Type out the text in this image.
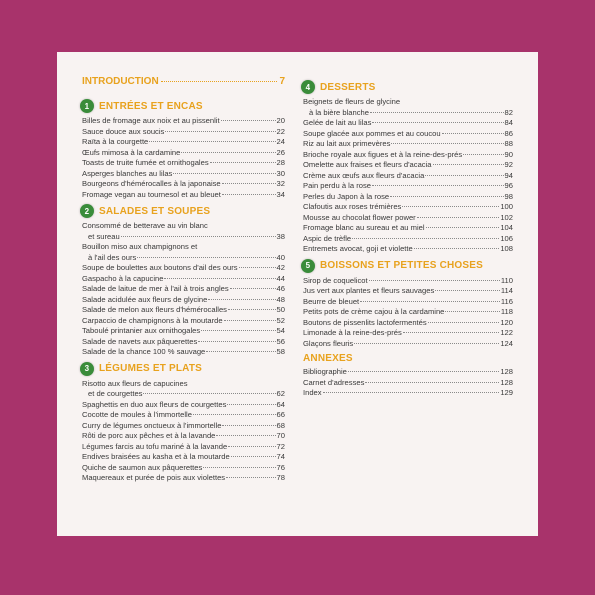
INTRODUCTION	7
1 ENTRÉES ET ENCAS
Billes de fromage aux noix et au pissenlit	20
Sauce douce aux soucis	22
Raïta à la courgette	24
Œufs mimosa à la cardamine	26
Toasts de truite fumée et ornithogales	28
Asperges blanches au lilas	30
Bourgeons d'hémérocalles à la japonaise	32
Fromage vegan au tournesol et au bleuet	34
2 SALADES ET SOUPES
Consommé de betterave au vin blanc
et sureau	38
Bouillon miso aux champignons et
à l'ail des ours	40
Soupe de boulettes aux boutons d'ail des ours	42
Gaspacho à la capucine	44
Salade de laitue de mer à l'ail à trois angles	46
Salade acidulée aux fleurs de glycine	48
Salade de melon aux fleurs d'hémérocalles	50
Carpaccio de champignons à la moutarde	52
Taboulé printanier aux ornithogales	54
Salade de navets aux pâquerettes	56
Salade de la chance 100 % sauvage	58
3 LÉGUMES ET PLATS
Risotto aux fleurs de capucines
et de courgettes	62
Spaghettis en duo aux fleurs de courgettes	64
Cocotte de moules à l'immortelle	66
Curry de légumes onctueux à l'immortelle	68
Rôti de porc aux pêches et à la lavande	70
Légumes farcis au tofu mariné à la lavande	72
Endives braisées au kasha et à la moutarde	74
Quiche de saumon aux pâquerettes	76
Maquereaux et purée de pois aux violettes	78
4 DESSERTS
Beignets de fleurs de glycine
à la bière blanche	82
Gelée de lait au lilas	84
Soupe glacée aux pommes et au coucou	86
Riz au lait aux primevères	88
Brioche royale aux figues et à la reine-des-prés	90
Omelette aux fraises et fleurs d'acacia	92
Crème aux œufs aux fleurs d'acacia	94
Pain perdu à la rose	96
Perles du Japon à la rose	98
Clafoutis aux roses trémières	100
Mousse au chocolat flower power	102
Fromage blanc au sureau et au miel	104
Aspic de trèfle	106
Entremets avocat, goji et violette	108
5 BOISSONS ET PETITES CHOSES
Sirop de coquelicot	110
Jus vert aux plantes et fleurs sauvages	114
Beurre de bleuet	116
Petits pots de crème cajou à la cardamine	118
Boutons de pissenlits lactofermentés	120
Limonade à la reine-des-prés	122
Glaçons fleuris	124
ANNEXES
Bibliographie	128
Carnet d'adresses	128
Index	129
